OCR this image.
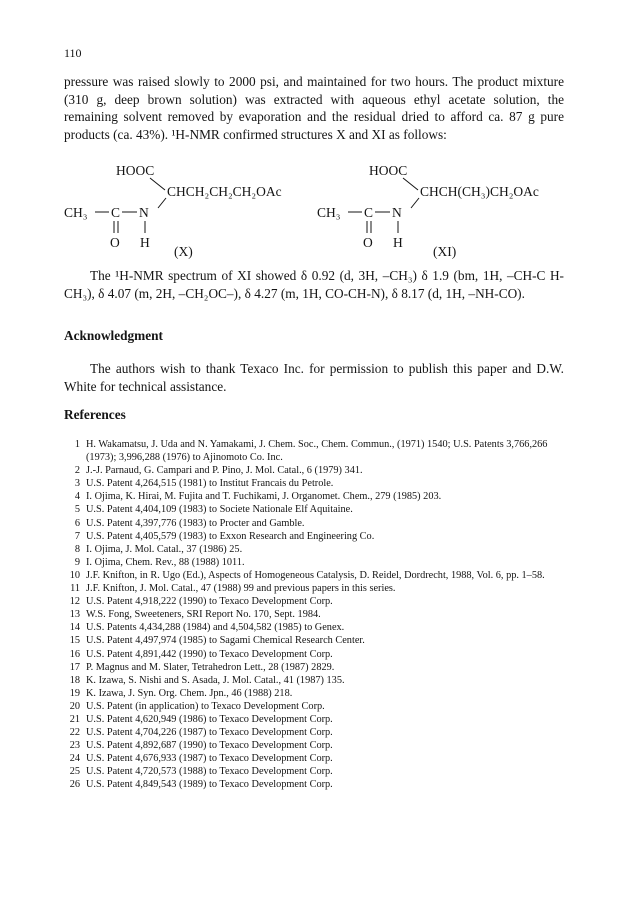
110

pressure was raised slowly to 2000 psi, and maintained for two hours. The product mixture (310 g, deep brown solution) was extracted with aqueous ethyl acetate solution, the remaining solvent removed by evaporation and the residual dried to afford ca. 87 g pure products (ca. 43%). ¹H-NMR confirmed structures X and XI as follows:

HOOC
CHCH₂CH₂CH₂OAc
CH₃ C N
O H
(X)
HOOC
CHCH(CH₃)CH₂OAc
CH₃ C N
O H
(XI)

The ¹H-NMR spectrum of XI showed δ 0.92 (d, 3H, –CH₃) δ 1.9 (bm, 1H, –CH-C H-CH₃), δ 4.07 (m, 2H, –CH₂OC–), δ 4.27 (m, 1H, CO-CH-N), δ 8.17 (d, 1H, –NH-CO).

Acknowledgment

The authors wish to thank Texaco Inc. for permission to publish this paper and D.W. White for technical assistance.

References
1 H. Wakamatsu, J. Uda and N. Yamakami, J. Chem. Soc., Chem. Commun., (1971) 1540; U.S. Patents 3,766,266 (1973); 3,996,288 (1976) to Ajinomoto Co. Inc.
2 J.-J. Parnaud, G. Campari and P. Pino, J. Mol. Catal., 6 (1979) 341.
3 U.S. Patent 4,264,515 (1981) to Institut Francais du Petrole.
4 I. Ojima, K. Hirai, M. Fujita and T. Fuchikami, J. Organomet. Chem., 279 (1985) 203.
5 U.S. Patent 4,404,109 (1983) to Societe Nationale Elf Aquitaine.
6 U.S. Patent 4,397,776 (1983) to Procter and Gamble.
7 U.S. Patent 4,405,579 (1983) to Exxon Research and Engineering Co.
8 I. Ojima, J. Mol. Catal., 37 (1986) 25.
9 I. Ojima, Chem. Rev., 88 (1988) 1011.
10 J.F. Knifton, in R. Ugo (Ed.), Aspects of Homogeneous Catalysis, D. Reidel, Dordrecht, 1988, Vol. 6, pp. 1–58.
11 J.F. Knifton, J. Mol. Catal., 47 (1988) 99 and previous papers in this series.
12 U.S. Patent 4,918,222 (1990) to Texaco Development Corp.
13 W.S. Fong, Sweeteners, SRI Report No. 170, Sept. 1984.
14 U.S. Patents 4,434,288 (1984) and 4,504,582 (1985) to Genex.
15 U.S. Patent 4,497,974 (1985) to Sagami Chemical Research Center.
16 U.S. Patent 4,891,442 (1990) to Texaco Development Corp.
17 P. Magnus and M. Slater, Tetrahedron Lett., 28 (1987) 2829.
18 K. Izawa, S. Nishi and S. Asada, J. Mol. Catal., 41 (1987) 135.
19 K. Izawa, J. Syn. Org. Chem. Jpn., 46 (1988) 218.
20 U.S. Patent (in application) to Texaco Development Corp.
21 U.S. Patent 4,620,949 (1986) to Texaco Development Corp.
22 U.S. Patent 4,704,226 (1987) to Texaco Development Corp.
23 U.S. Patent 4,892,687 (1990) to Texaco Development Corp.
24 U.S. Patent 4,676,933 (1987) to Texaco Development Corp.
25 U.S. Patent 4,720,573 (1988) to Texaco Development Corp.
26 U.S. Patent 4,849,543 (1989) to Texaco Development Corp.
